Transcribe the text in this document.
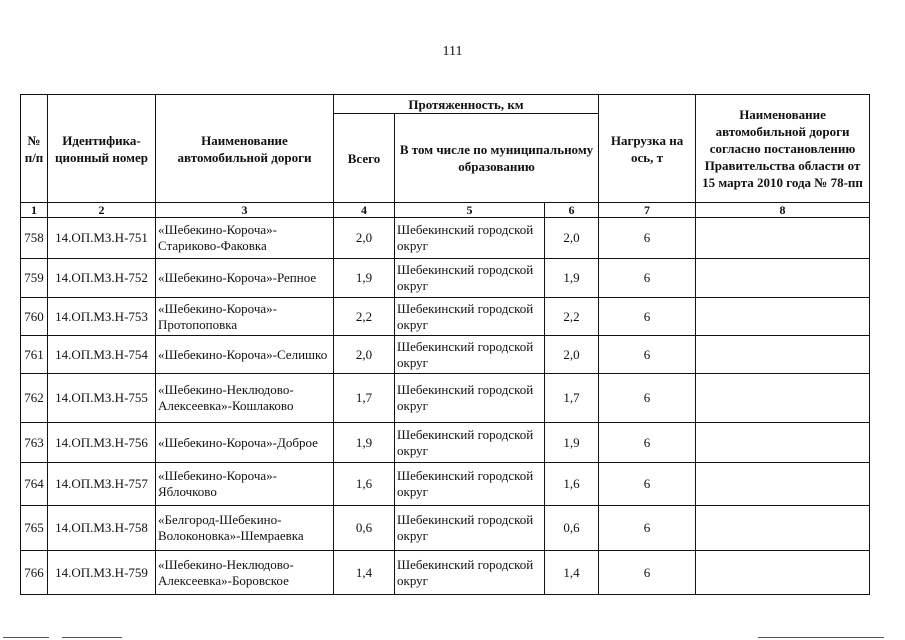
111
№ п/п	Идентифика-ционный номер	Наименование автомобильной дороги	Протяженность, км			Нагрузка на ось, т	Наименование автомобильной дороги согласно постановлению Правительства области от 15 марта 2010 года № 78-пп
			Всего	В том числе по муниципальному образованию			
1	2	3	4	5	6	7	8
758	14.ОП.МЗ.Н-751	«Шебекино-Короча»-Стариково-Факовка	2,0	Шебекинский городской округ	2,0	6	
759	14.ОП.МЗ.Н-752	«Шебекино-Короча»-Репное	1,9	Шебекинский городской округ	1,9	6	
760	14.ОП.МЗ.Н-753	«Шебекино-Короча»-Протопоповка	2,2	Шебекинский городской округ	2,2	6	
761	14.ОП.МЗ.Н-754	«Шебекино-Короча»-Селишко	2,0	Шебекинский городской округ	2,0	6	
762	14.ОП.МЗ.Н-755	«Шебекино-Неклюдово-Алексеевка»-Кошлаково	1,7	Шебекинский городской округ	1,7	6	
763	14.ОП.МЗ.Н-756	«Шебекино-Короча»-Доброе	1,9	Шебекинский городской округ	1,9	6	
764	14.ОП.МЗ.Н-757	«Шебекино-Короча»-Яблочково	1,6	Шебекинский городской округ	1,6	6	
765	14.ОП.МЗ.Н-758	«Белгород-Шебекино-Волоконовка»-Шемраевка	0,6	Шебекинский городской округ	0,6	6	
766	14.ОП.МЗ.Н-759	«Шебекино-Неклюдово-Алексеевка»-Боровское	1,4	Шебекинский городской округ	1,4	6	
